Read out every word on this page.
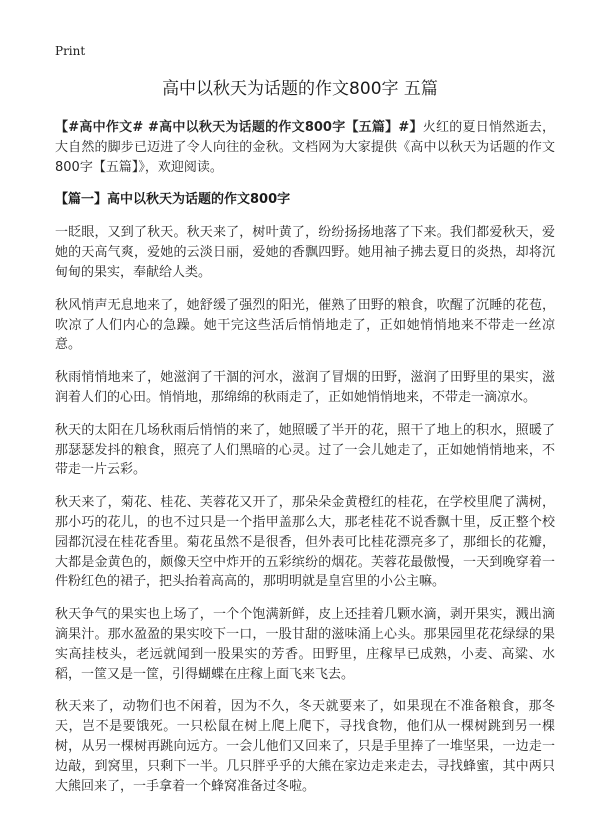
Print
高中以秋天为话题的作文800字 五篇

【#高中作文# #高中以秋天为话题的作文800字【五篇】#】火红的夏日悄然逝去，大自然的脚步已迈进了令人向往的金秋。文档网为大家提供《高中以秋天为话题的作文800字【五篇】》，欢迎阅读。

【篇一】高中以秋天为话题的作文800字

一眨眼，又到了秋天。秋天来了，树叶黄了，纷纷扬扬地落了下来。我们都爱秋天，爱她的天高气爽，爱她的云淡日丽，爱她的香飘四野。她用袖子拂去夏日的炎热，却将沉甸甸的果实，奉献给人类。

秋风悄声无息地来了，她舒缓了强烈的阳光，催熟了田野的粮食，吹醒了沉睡的花苞，吹凉了人们内心的急躁。她干完这些活后悄悄地走了，正如她悄悄地来不带走一丝凉意。

秋雨悄悄地来了，她滋润了干涸的河水，滋润了冒烟的田野，滋润了田野里的果实，滋润着人们的心田。悄悄地，那绵绵的秋雨走了，正如她悄悄地来，不带走一滴凉水。

秋天的太阳在几场秋雨后悄悄的来了，她照暖了半开的花，照干了地上的积水，照暖了那瑟瑟发抖的粮食，照亮了人们黑暗的心灵。过了一会儿她走了，正如她悄悄地来，不带走一片云彩。

秋天来了，菊花、桂花、芙蓉花又开了，那朵朵金黄橙红的桂花，在学校里爬了满树，那小巧的花儿，的也不过只是一个指甲盖那么大，那老桂花不说香飘十里，反正整个校园都沉浸在桂花香里。菊花虽然不是很香，但外表可比桂花漂亮多了，那细长的花瓣，大都是金黄色的，颇像天空中炸开的五彩缤纷的烟花。芙蓉花最傲慢，一天到晚穿着一件粉红色的裙子，把头抬着高高的，那明明就是皇宫里的小公主嘛。

秋天争气的果实也上场了，一个个饱满新鲜，皮上还挂着几颗水滴，剥开果实，溅出滴滴果汁。那水盈盈的果实咬下一口，一股甘甜的滋味涌上心头。那果园里花花绿绿的果实高挂枝头，老远就闻到一股果实的芳香。田野里，庄稼早已成熟，小麦、高粱、水稻，一筐又是一筐，引得蝴蝶在庄稼上面飞来飞去。

秋天来了，动物们也不闲着，因为不久，冬天就要来了，如果现在不准备粮食，那冬天，岂不是要饿死。一只松鼠在树上爬上爬下，寻找食物，他们从一棵树跳到另一棵树，从另一棵树再跳向远方。一会儿他们又回来了，只是手里捧了一堆坚果，一边走一边敲，到窝里，只剩下一半。几只胖乎乎的大熊在家边走来走去，寻找蜂蜜，其中两只大熊回来了，一手拿着一个蜂窝准备过冬啦。
